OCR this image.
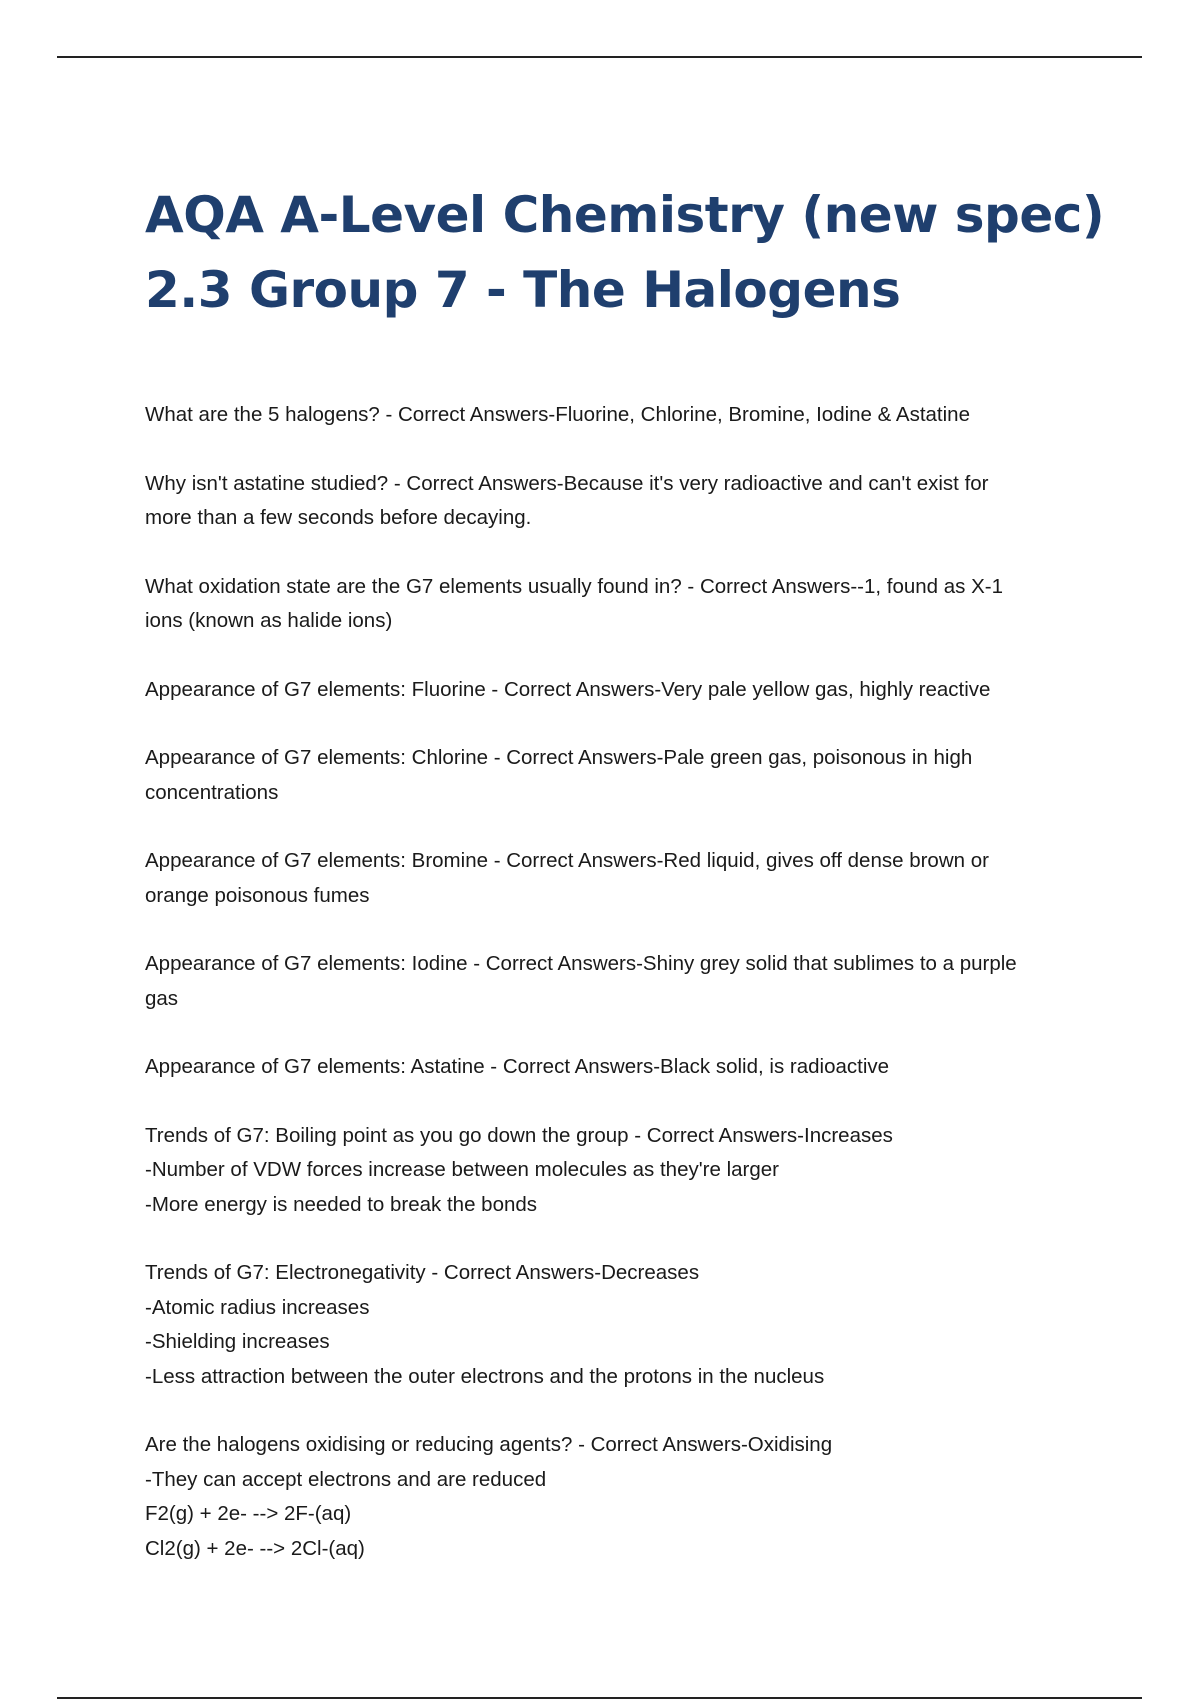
AQA A-Level Chemistry (new spec)
2.3 Group 7 - The Halogens
What are the 5 halogens? - Correct Answers-Fluorine, Chlorine, Bromine, Iodine & Astatine
Why isn't astatine studied? - Correct Answers-Because it's very radioactive and can't exist for
more than a few seconds before decaying.
What oxidation state are the G7 elements usually found in? - Correct Answers--1, found as X-1
ions (known as halide ions)
Appearance of G7 elements: Fluorine - Correct Answers-Very pale yellow gas, highly reactive
Appearance of G7 elements: Chlorine - Correct Answers-Pale green gas, poisonous in high
concentrations
Appearance of G7 elements: Bromine - Correct Answers-Red liquid, gives off dense brown or
orange poisonous fumes
Appearance of G7 elements: Iodine - Correct Answers-Shiny grey solid that sublimes to a purple
gas
Appearance of G7 elements: Astatine - Correct Answers-Black solid, is radioactive
Trends of G7: Boiling point as you go down the group - Correct Answers-Increases
-Number of VDW forces increase between molecules as they're larger
-More energy is needed to break the bonds
Trends of G7: Electronegativity - Correct Answers-Decreases
-Atomic radius increases
-Shielding increases
-Less attraction between the outer electrons and the protons in the nucleus
Are the halogens oxidising or reducing agents? - Correct Answers-Oxidising
-They can accept electrons and are reduced
F2(g) + 2e- --> 2F-(aq)
Cl2(g) + 2e- --> 2Cl-(aq)
